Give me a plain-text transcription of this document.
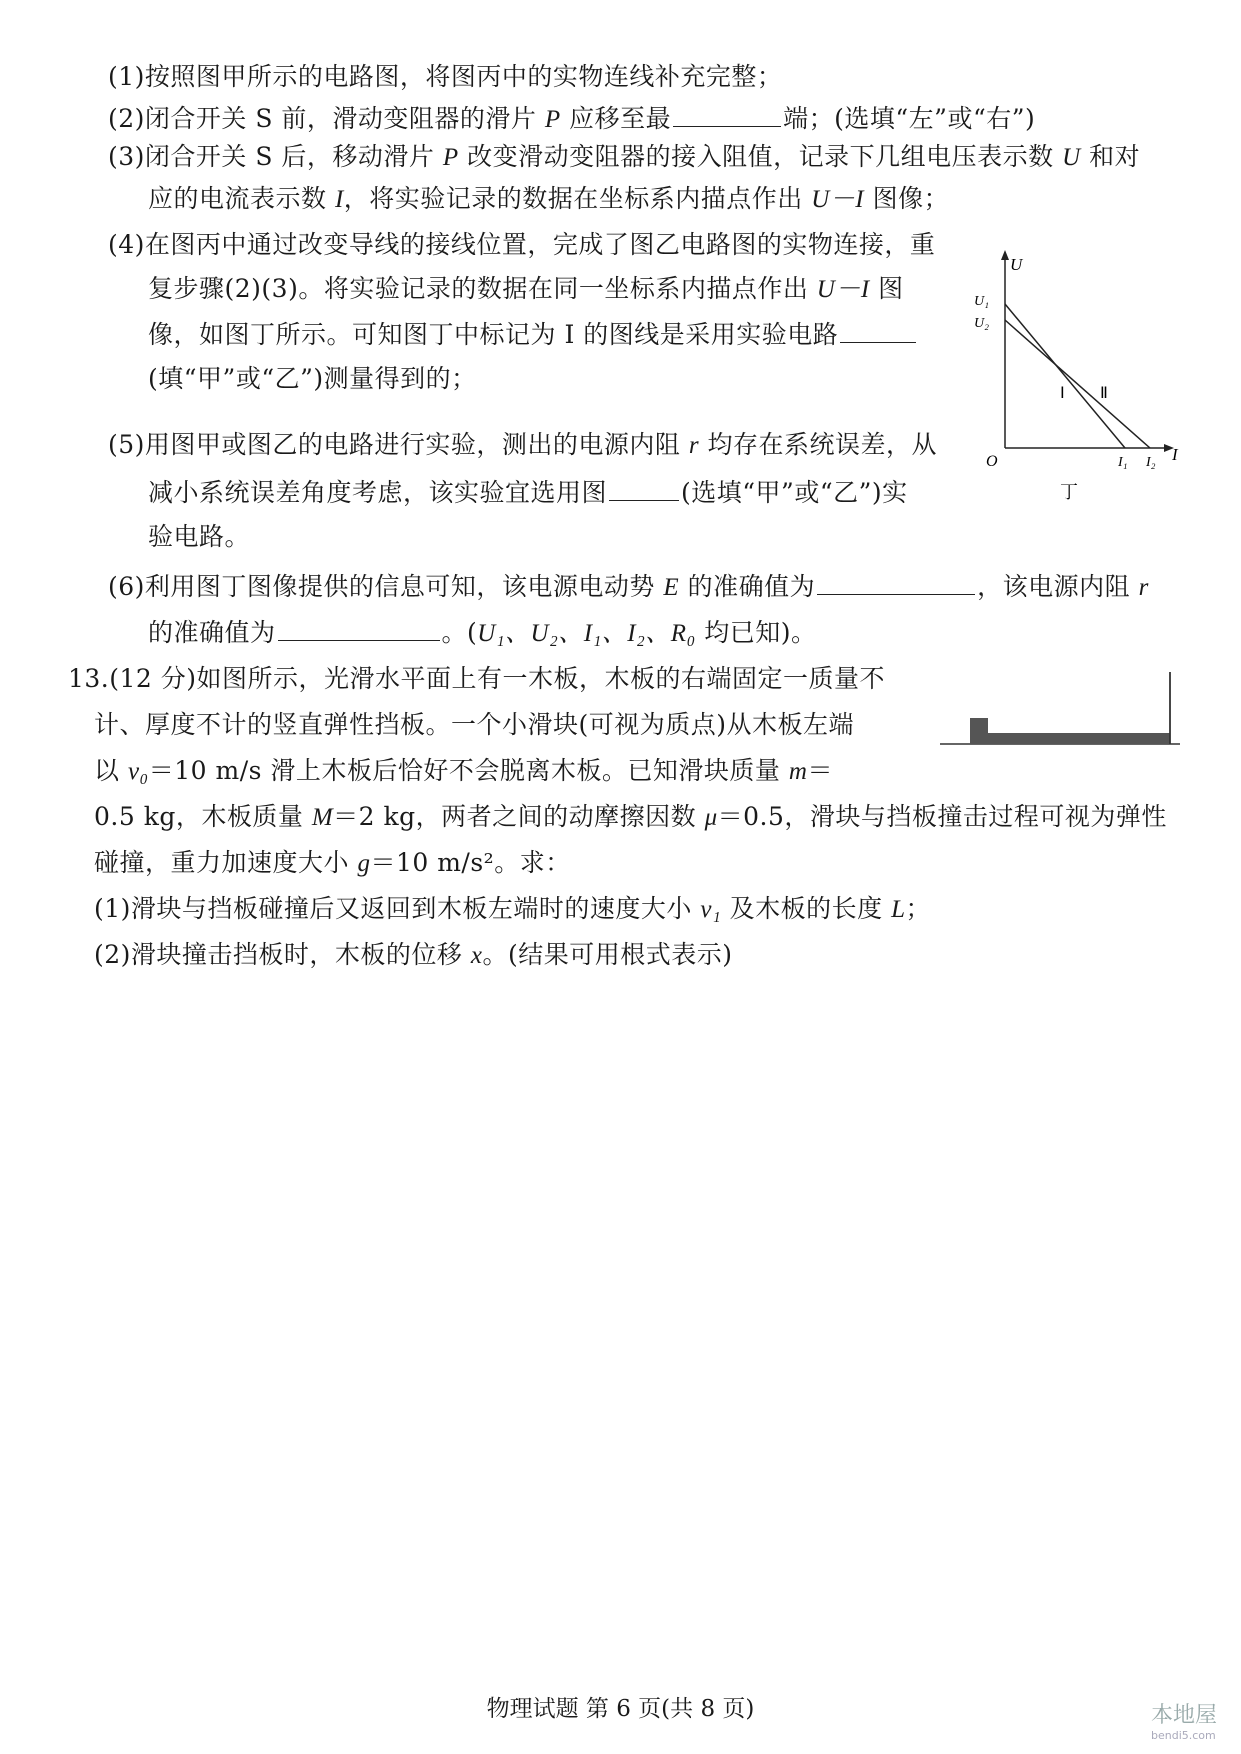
(1)按照图甲所示的电路图，将图丙中的实物连线补充完整；
(2)闭合开关 S 前，滑动变阻器的滑片 P 应移至最	端；(选填“左”或“右”)
(3)闭合开关 S 后，移动滑片 P 改变滑动变阻器的接入阻值，记录下几组电压表示数 U 和对
应的电流表示数 I，将实验记录的数据在坐标系内描点作出 U－I 图像；
(4)在图丙中通过改变导线的接线位置，完成了图乙电路图的实物连接，重
复步骤(2)(3)。将实验记录的数据在同一坐标系内描点作出 U－I 图
像，如图丁所示。可知图丁中标记为 Ⅰ 的图线是采用实验电路
(填“甲”或“乙”)测量得到的；
(5)用图甲或图乙的电路进行实验，测出的电源内阻 r 均存在系统误差，从
减小系统误差角度考虑，该实验宜选用图	(选填“甲”或“乙”)实
验电路。
(6)利用图丁图像提供的信息可知，该电源电动势 E 的准确值为	，该电源内阻 r
的准确值为	。(U₁、U₂、I₁、I₂、R₀ 均已知)。
U
I
O
U₁
U₂
I₁ I₂
Ⅰ Ⅱ
丁
13.(12 分)如图所示，光滑水平面上有一木板，木板的右端固定一质量不
计、厚度不计的竖直弹性挡板。一个小滑块(可视为质点)从木板左端
以 v₀＝10 m/s 滑上木板后恰好不会脱离木板。已知滑块质量 m＝
0.5 kg，木板质量 M＝2 kg，两者之间的动摩擦因数 μ＝0.5，滑块与挡板撞击过程可视为弹性
碰撞，重力加速度大小 g＝10 m/s²。求：
(1)滑块与挡板碰撞后又返回到木板左端时的速度大小 v₁ 及木板的长度 L；
(2)滑块撞击挡板时，木板的位移 x。(结果可用根式表示)
物理试题 第 6 页(共 8 页)	本地屋
bendi5.com
